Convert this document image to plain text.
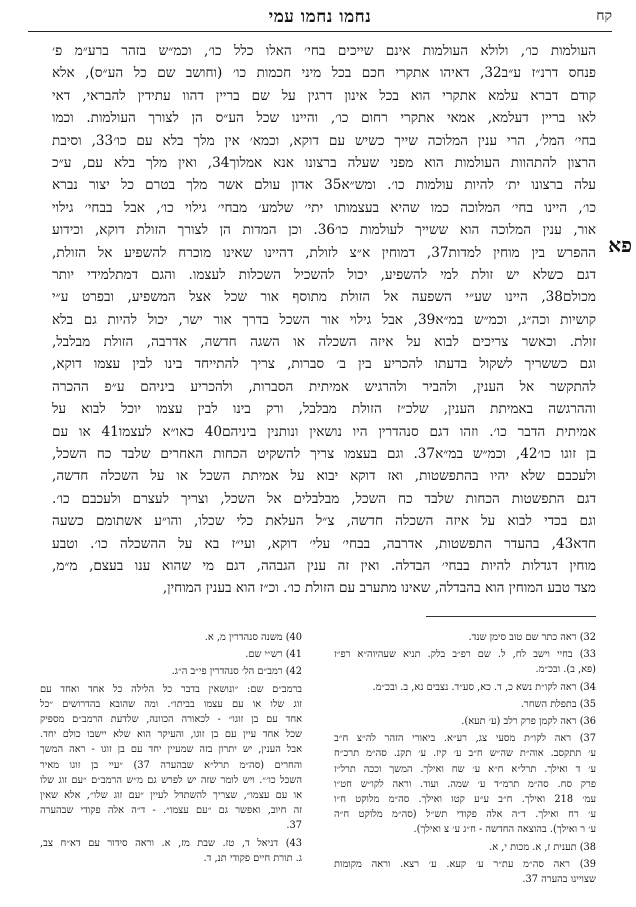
נחמו נחמו עמי	קח
פא
העולמות כו׳, ולולא העולמות אינם שייכים בחי׳ האלו כלל כו׳, וכמ״ש בזהר ברע״מ פ׳
פנחס דרנ״ז ע״ב32, דאיהו אתקרי חכם בכל מיני חכמות כו׳ (וחושב שם כל הע״ס), אלא
קודם דברא עלמא אתקרי הוא בכל אינון דרגין על שם בריין דהוו עתידין להבראי, דאי
לאו בריין דעלמא, אמאי אתקרי רחום כו׳, והיינו שכל הע״ס הן לצורך העולמות. וכמו
בחי׳ המל׳, הרי ענין המלוכה שייך כשיש עם דוקא, וכמא׳ אין מלך בלא עם כו׳33, וסיבת
הרצון להתהוות העולמות הוא מפני שעלה ברצונו אנא אמלוך34, ואין מלך בלא עם, ע״כ
עלה ברצונו ית׳ להיות עולמות כו׳. ומש״א35 אדון עולם אשר מלך בטרם כל יצור נברא
כו׳, היינו בחי׳ המלוכה כמו שהיא בעצמותו יתי׳ שלמע׳ מבחי׳ גילוי כו׳, אבל בבחי׳ גילוי
אור, ענין המלוכה הוא ששייך לעולמות כו׳36. וכן המדות הן לצורך הזולת דוקא, וכידוע
ההפרש בין מוחין למדות37, דמוחין א״צ לזולת, דהיינו שאינו מוכרח להשפיע אל הזולת,
דגם כשלא יש זולת למי להשפיע, יכול להשכיל השכלות לעצמו. והגם דמתלמידי יותר
מכולם38, היינו שע״י השפעה אל הזולת מתוסף אור שכל אצל המשפיע, ובפרט ע״י
קושיות וכה״ג, וכמ״ש במ״א39, אבל גילוי אור השכל בדרך אור ישר, יכול להיות גם בלא
זולת. וכאשר צריכים לבוא על איזה השכלה או השגה חדשה, אדרבה, הזולת מבלבל,
וגם כששריך לשקול בדעתו להכריע בין ב׳ סברות, צריך להתייחד בינו לבין עצמו דוקא,
להתקשר אל הענין, ולהביר ולהרגיש אמיתית הסברות, ולהכריע ביניהם ע״פ ההכרה
וההרגשה באמיתת הענין, שלכ״ז הזולת מבלבל, ורק בינו לבין עצמו יוכל לבוא על
אמיתית הדבר כו׳. וזהו דגם סנהדרין היו נושאין ונותנין ביניהם40 כאו״א לעצמו41 או עם
בן זוגו כו׳42, וכמ״ש במ״א37. וגם בעצמו צריך להשקיט הכחות האחרים שלבד כח השכל,
ולעכבם שלא יהיו בהתפשטות, ואז דוקא יבוא על אמיתת השכל או על השכלה חדשה,
דגם התפשטות הכחות שלבד כח השכל, מבלבלים אל השכל, וצריך לעצרם ולעכבם כו׳.
וגם בכדי לבוא על איזה השכלה חדשה, צ״ל העלאת כלי שכלו, והו״ע אשתומם כשעה
חדא43, בהעדר התפשטות, אדרבה, בבחי׳ עלי׳ דוקא, ועי״ז בא על ההשכלה כו׳. וטבע
מוחין דגדלות להיות בבחי׳ הבדלה. ואין זה ענין הגבהה, דגם מי שהוא ענו בעצם, מ״מ,
מצד טבע המוחין הוא בהבדלה, שאינו מתערב עם הזולת כו׳. וכ״ז הוא בענין המוחין,
32) ראה כתר שם טוב סימן שנד.
33) בחיי וישב לח, ל. שם רפ״ב בלק. תניא שעהיוה״א רפ״ז
(פא, ב). ובכ״מ.
34) ראה לקו״ת נשא כ, ד. כא, סע״ד. נצבים נא, ב. ובכ״מ.
35) בתפלת השחר.
36) ראה לקמן פרק רלב (ע׳ תעא).
37) ראה לקו״ת מסעי צג, רע״א. ביאורי הזהר לה״צ ח״ב
ע׳ תתקסב. אוה״ת שה״ש ח״ב ע׳ קיז. ע׳ תקנ. סה״מ תרכ״ח
ע׳ ד ואילך. תרל״א ח״א ע׳ שח ואילך. המשך וככה תרל״ז
פרק סח. סה״מ תרמ״ד ע׳ שמה. ועוד. וראה לקו״ש חט״ו
עמ׳ 218 ואילך. ח״ב ע״ע קטו ואילך. סה״מ מלוקט ח״ו
ע׳ רח ואילך. ד״ה אלה פקודי תש״ל (סה״מ מלוקט ח״ה
ע׳ ר ואילך). בהוצאה החדשה - ח״ג ע׳ צ ואילך).
38) תענית ז, א. מכות י, א.
39) ראה סה״מ עת״ר ע׳ קעא. ע׳ רצא. וראה מקומות
שצויינו בהערה 37.
40) משנה סנהדרין מ, א.
41) רש״י שם.
42) רמב״ם הל׳ סנהדרין פי״ב ה״ג.
ברמב״ם שם: ״ונושאין בדבר כל הלילה כל אחד ואחד עם
זוג שלו או עם עצמו בביתו״. ומה שהובא בהדרושים ״כל
אחד עם בן זוגו״ - לכאורה הכוונה, שלדעת הרמב״ם מספיק
שכל אחד עיין עם בן זוגו, והעיקר הוא שלא יישבו כולם יחד.
אבל הענין, יש יתרון בזה שמעיין יחד עם בן זוגו - ראה המשך
והחרים (סה״מ תרל״א שבהערה 37) ״עיי בן זוגו מאיר
השכל כו׳״. ויש לומר שזה יש לפרש גם מ״ש הרמב״ם ״עם זוג שלו
או עם עצמו״, שצריך להשתדל לעיין ״עם זוג שלו״, אלא שאין
זה חיוב, ואפשר גם ״עם עצמו״. - ד״ה אלה פקודי שבהערה
37.
43) דניאל ד, טז. שבת מז, א. וראה סידור עם דא״ח צב,
ג. תורת חיים פקודי תנ, ד.
